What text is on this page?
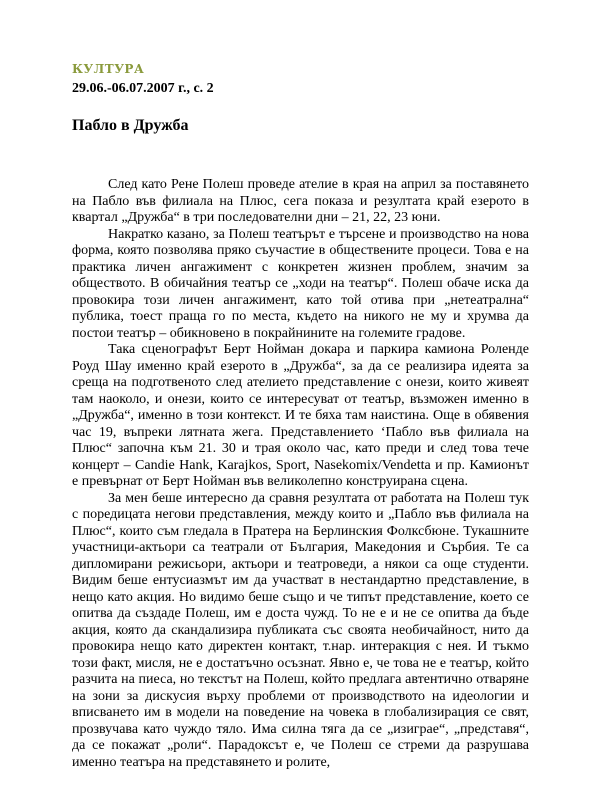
КУЛТУРА
29.06.-06.07.2007 г., с. 2
Пабло в Дружба

След като Рене Полеш проведе ателие в края на април за поставянето на Пабло във филиала на Плюс, сега показа и резултата край езерото в квартал „Дружба“ в три последователни дни – 21, 22, 23 юни.

Накратко казано, за Полеш театърът е търсене и производство на нова форма, която позволява пряко съучастие в обществените процеси. Това е на практика личен ангажимент с конкретен жизнен проблем, значим за обществото. В обичайния театър се „ходи на театър“. Полеш обаче иска да провокира този личен ангажимент, като той отива при „нетеатрална“ публика, тоест праща го по места, където на никого не му и хрумва да постои театър – обикновено в покрайнините на големите градове.

Така сценографът Берт Нойман докара и паркира камиона Роленде Роуд Шау именно край езерото в „Дружба“, за да се реализира идеята за среща на подготвеното след ателието представление с онези, които живеят там наоколо, и онези, които се интересуват от театър, възможен именно в „Дружба“, именно в този контекст. И те бяха там наистина. Още в обявения час 19, въпреки лятната жега. Представлението ‘Пабло във филиала на Плюс“ започна към 21. 30 и трая около час, като преди и след това тече концерт – Candie Hank, Karajkos, Sport, Nasekomix/Vendetta и пр. Камионът е превърнат от Берт Нойман във великолепно конструирана сцена.

За мен беше интересно да сравня резултата от работата на Полеш тук с поредицата негови представления, между които и „Пабло във филиала на Плюс“, които съм гледала в Пратера на Берлинския Фолксбюне. Тукашните участници-актьори са театрали от България, Македония и Сърбия. Те са дипломирани режисьори, актьори и театроведи, а някои са още студенти. Видим беше ентусиазмът им да участват в нестандартно представление, в нещо като акция. Но видимо беше също и че типът представление, което се опитва да създаде Полеш, им е доста чужд. То не е и не се опитва да бъде акция, която да скандализира публиката със своята необичайност, нито да провокира нещо като директен контакт, т.нар. интеракция с нея. И тъкмо този факт, мисля, не е достатъчно осъзнат. Явно е, че това не е театър, който разчита на пиеса, но текстът на Полеш, който предлага автентично отваряне на зони за дискусия върху проблеми от производството на идеологии и вписването им в модели на поведение на човека в глобализирация се свят, прозвучава като чуждо тяло. Има силна тяга да се „изиграе“, „представя“, да се покажат „роли“. Парадоксът е, че Полеш се стреми да разрушава именно театъра на представянето и ролите,
